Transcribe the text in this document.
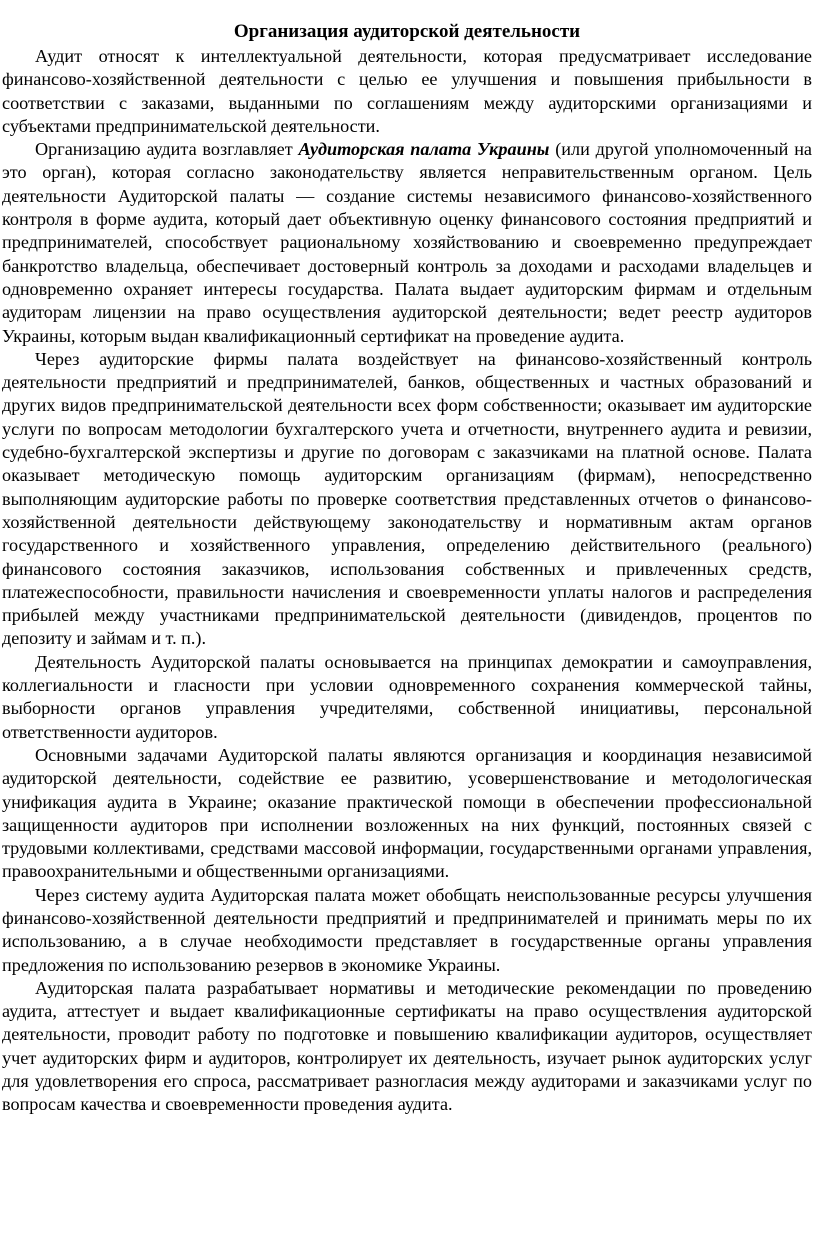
Организация аудиторской деятельности

Аудит относят к интеллектуальной деятельности, которая предусматривает исследование финансово-хозяйственной деятельности с целью ее улучшения и повышения прибыльности в соответствии с заказами, выданными по соглашениям между аудиторскими организациями и субъектами предпринимательской деятельности.

Организацию аудита возглавляет Аудиторская палата Украины (или другой уполномоченный на это орган), которая согласно законодательству является неправительственным органом. Цель деятельности Аудиторской палаты — создание системы независимого финансово-хозяйственного контроля в форме аудита, который дает объективную оценку финансового состояния предприятий и предпринимателей, способствует рациональному хозяйствованию и своевременно предупреждает банкротство владельца, обеспечивает достоверный контроль за доходами и расходами владельцев и одновременно охраняет интересы государства. Палата выдает аудиторским фирмам и отдельным аудиторам лицензии на право осуществления аудиторской деятельности; ведет реестр аудиторов Украины, которым выдан квалификационный сертификат на проведение аудита.

Через аудиторские фирмы палата воздействует на финансово-хозяйственный контроль деятельности предприятий и предпринимателей, банков, общественных и частных образований и других видов предпринимательской деятельности всех форм собственности; оказывает им аудиторские услуги по вопросам методологии бухгалтерского учета и отчетности, внутреннего аудита и ревизии, судебно-бухгалтерской экспертизы и другие по договорам с заказчиками на платной основе. Палата оказывает методическую помощь аудиторским организациям (фирмам), непосредственно выполняющим аудиторские работы по проверке соответствия представленных отчетов о финансово-хозяйственной деятельности действующему законодательству и нормативным актам органов государственного и хозяйственного управления, определению действительного (реального) финансового состояния заказчиков, использования собственных и привлеченных средств, платежеспособности, правильности начисления и своевременности уплаты налогов и распределения прибылей между участниками предпринимательской деятельности (дивидендов, процентов по депозиту и займам и т. п.).

Деятельность Аудиторской палаты основывается на принципах демократии и самоуправления, коллегиальности и гласности при условии одновременного сохранения коммерческой тайны, выборности органов управления учредителями, собственной инициативы, персональной ответственности аудиторов.

Основными задачами Аудиторской палаты являются организация и координация независимой аудиторской деятельности, содействие ее развитию, усовершенствование и методологическая унификация аудита в Украине; оказание практической помощи в обеспечении профессиональной защищенности аудиторов при исполнении возложенных на них функций, постоянных связей с трудовыми коллективами, средствами массовой информации, государственными органами управления, правоохранительными и общественными организациями.

Через систему аудита Аудиторская палата может обобщать неиспользованные ресурсы улучшения финансово-хозяйственной деятельности предприятий и предпринимателей и принимать меры по их использованию, а в случае необходимости представляет в государственные органы управления предложения по использованию резервов в экономике Украины.

Аудиторская палата разрабатывает нормативы и методические рекомендации по проведению аудита, аттестует и выдает квалификационные сертификаты на право осуществления аудиторской деятельности, проводит работу по подготовке и повышению квалификации аудиторов, осуществляет учет аудиторских фирм и аудиторов, контролирует их деятельность, изучает рынок аудиторских услуг для удовлетворения его спроса, рассматривает разногласия между аудиторами и заказчиками услуг по вопросам качества и своевременности проведения аудита.
